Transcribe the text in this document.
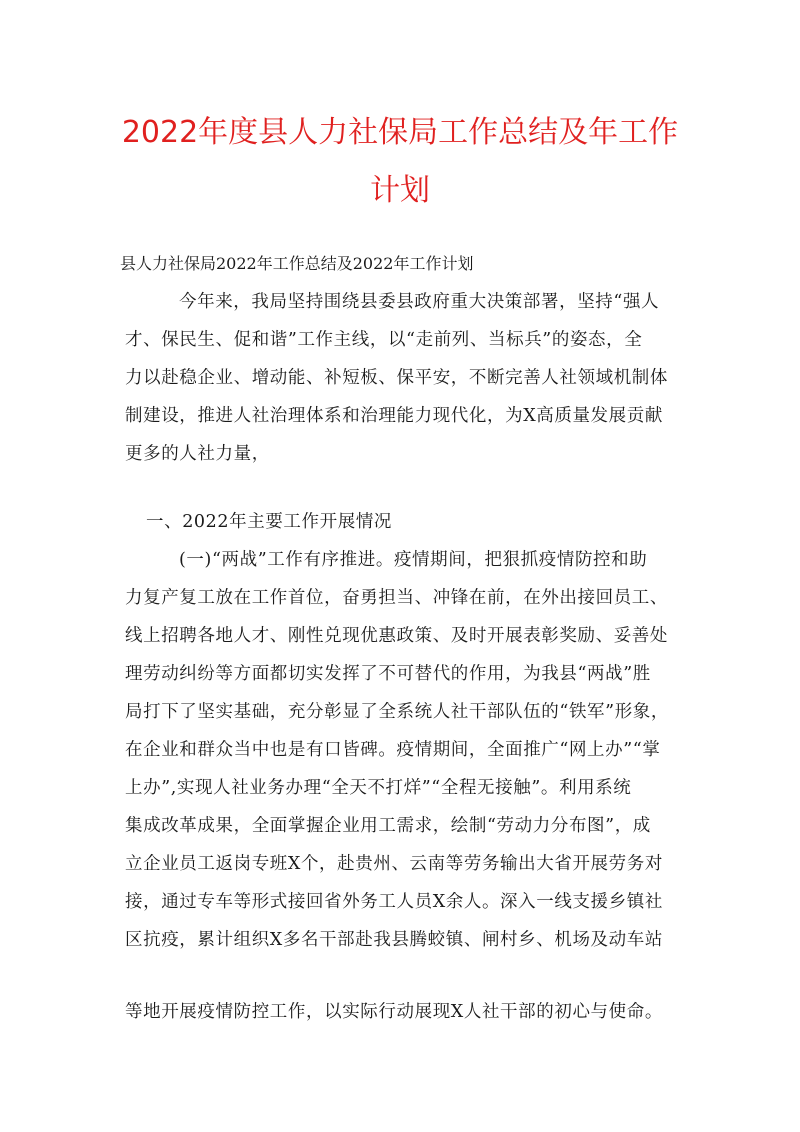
2022年度县人力社保局工作总结及年工作
计划
县人力社保局2022年工作总结及2022年工作计划
今年来，我局坚持围绕县委县政府重大决策部署，坚持“强人
才、保民生、促和谐”工作主线，以“走前列、当标兵”的姿态，全
力以赴稳企业、增动能、补短板、保平安，不断完善人社领域机制体
制建设，推进人社治理体系和治理能力现代化，为X高质量发展贡献
更多的人社力量，
一、2022年主要工作开展情况
(一)“两战”工作有序推进。疫情期间，把狠抓疫情防控和助
力复产复工放在工作首位，奋勇担当、冲锋在前，在外出接回员工、
线上招聘各地人才、刚性兑现优惠政策、及时开展表彰奖励、妥善处
理劳动纠纷等方面都切实发挥了不可替代的作用，为我县“两战”胜
局打下了坚实基础，充分彰显了全系统人社干部队伍的“铁军”形象，
在企业和群众当中也是有口皆碑。疫情期间，全面推广“网上办”“掌
上办”,实现人社业务办理“全天不打烊”“全程无接触”。利用系统
集成改革成果，全面掌握企业用工需求，绘制“劳动力分布图”，成
立企业员工返岗专班X个，赴贵州、云南等劳务输出大省开展劳务对
接，通过专车等形式接回省外务工人员X余人。深入一线支援乡镇社
区抗疫，累计组织X多名干部赴我县腾蛟镇、闸村乡、机场及动车站
等地开展疫情防控工作，以实际行动展现X人社干部的初心与使命。
